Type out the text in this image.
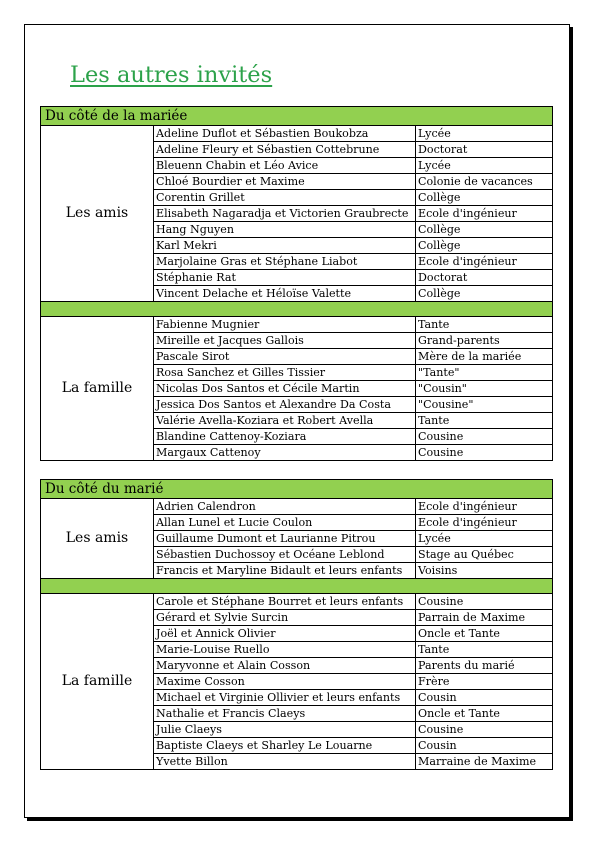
Les autres invités
Du côté de la mariée		
Les amis	Adeline Duflot et Sébastien Boukobza	Lycée
	Adeline Fleury et Sébastien Cottebrune	Doctorat
	Bleuenn Chabin et Léo Avice	Lycée
	Chloé Bourdier et Maxime	Colonie de vacances
	Corentin Grillet	Collège
	Elisabeth Nagaradja et Victorien Graubrecte	Ecole d'ingénieur
	Hang Nguyen	Collège
	Karl Mekri	Collège
	Marjolaine Gras et Stéphane Liabot	Ecole d'ingénieur
	Stéphanie Rat	Doctorat
	Vincent Delache et Héloïse Valette	Collège

La famille	Fabienne Mugnier	Tante
	Mireille et Jacques Gallois	Grand-parents
	Pascale Sirot	Mère de la mariée
	Rosa Sanchez et Gilles Tissier	"Tante"
	Nicolas Dos Santos et Cécile Martin	"Cousin"
	Jessica Dos Santos et Alexandre Da Costa	"Cousine"
	Valérie Avella-Koziara et Robert Avella	Tante
	Blandine Cattenoy-Koziara	Cousine
	Margaux Cattenoy	Cousine
Du côté du marié		
Les amis	Adrien Calendron	Ecole d'ingénieur
	Allan Lunel et Lucie Coulon	Ecole d'ingénieur
	Guillaume Dumont et Laurianne Pitrou	Lycée
	Sébastien Duchossoy et Océane Leblond	Stage au Québec
	Francis et Maryline Bidault et leurs enfants	Voisins

La famille	Carole et Stéphane Bourret et leurs enfants	Cousine
	Gérard et Sylvie Surcin	Parrain de Maxime
	Joël et Annick Olivier	Oncle et Tante
	Marie-Louise Ruello	Tante
	Maryvonne et Alain Cosson	Parents du marié
	Maxime Cosson	Frère
	Michael et Virginie Ollivier et leurs enfants	Cousin
	Nathalie et Francis Claeys	Oncle et Tante
	Julie Claeys	Cousine
	Baptiste Claeys et Sharley Le Louarne	Cousin
	Yvette Billon	Marraine de Maxime
